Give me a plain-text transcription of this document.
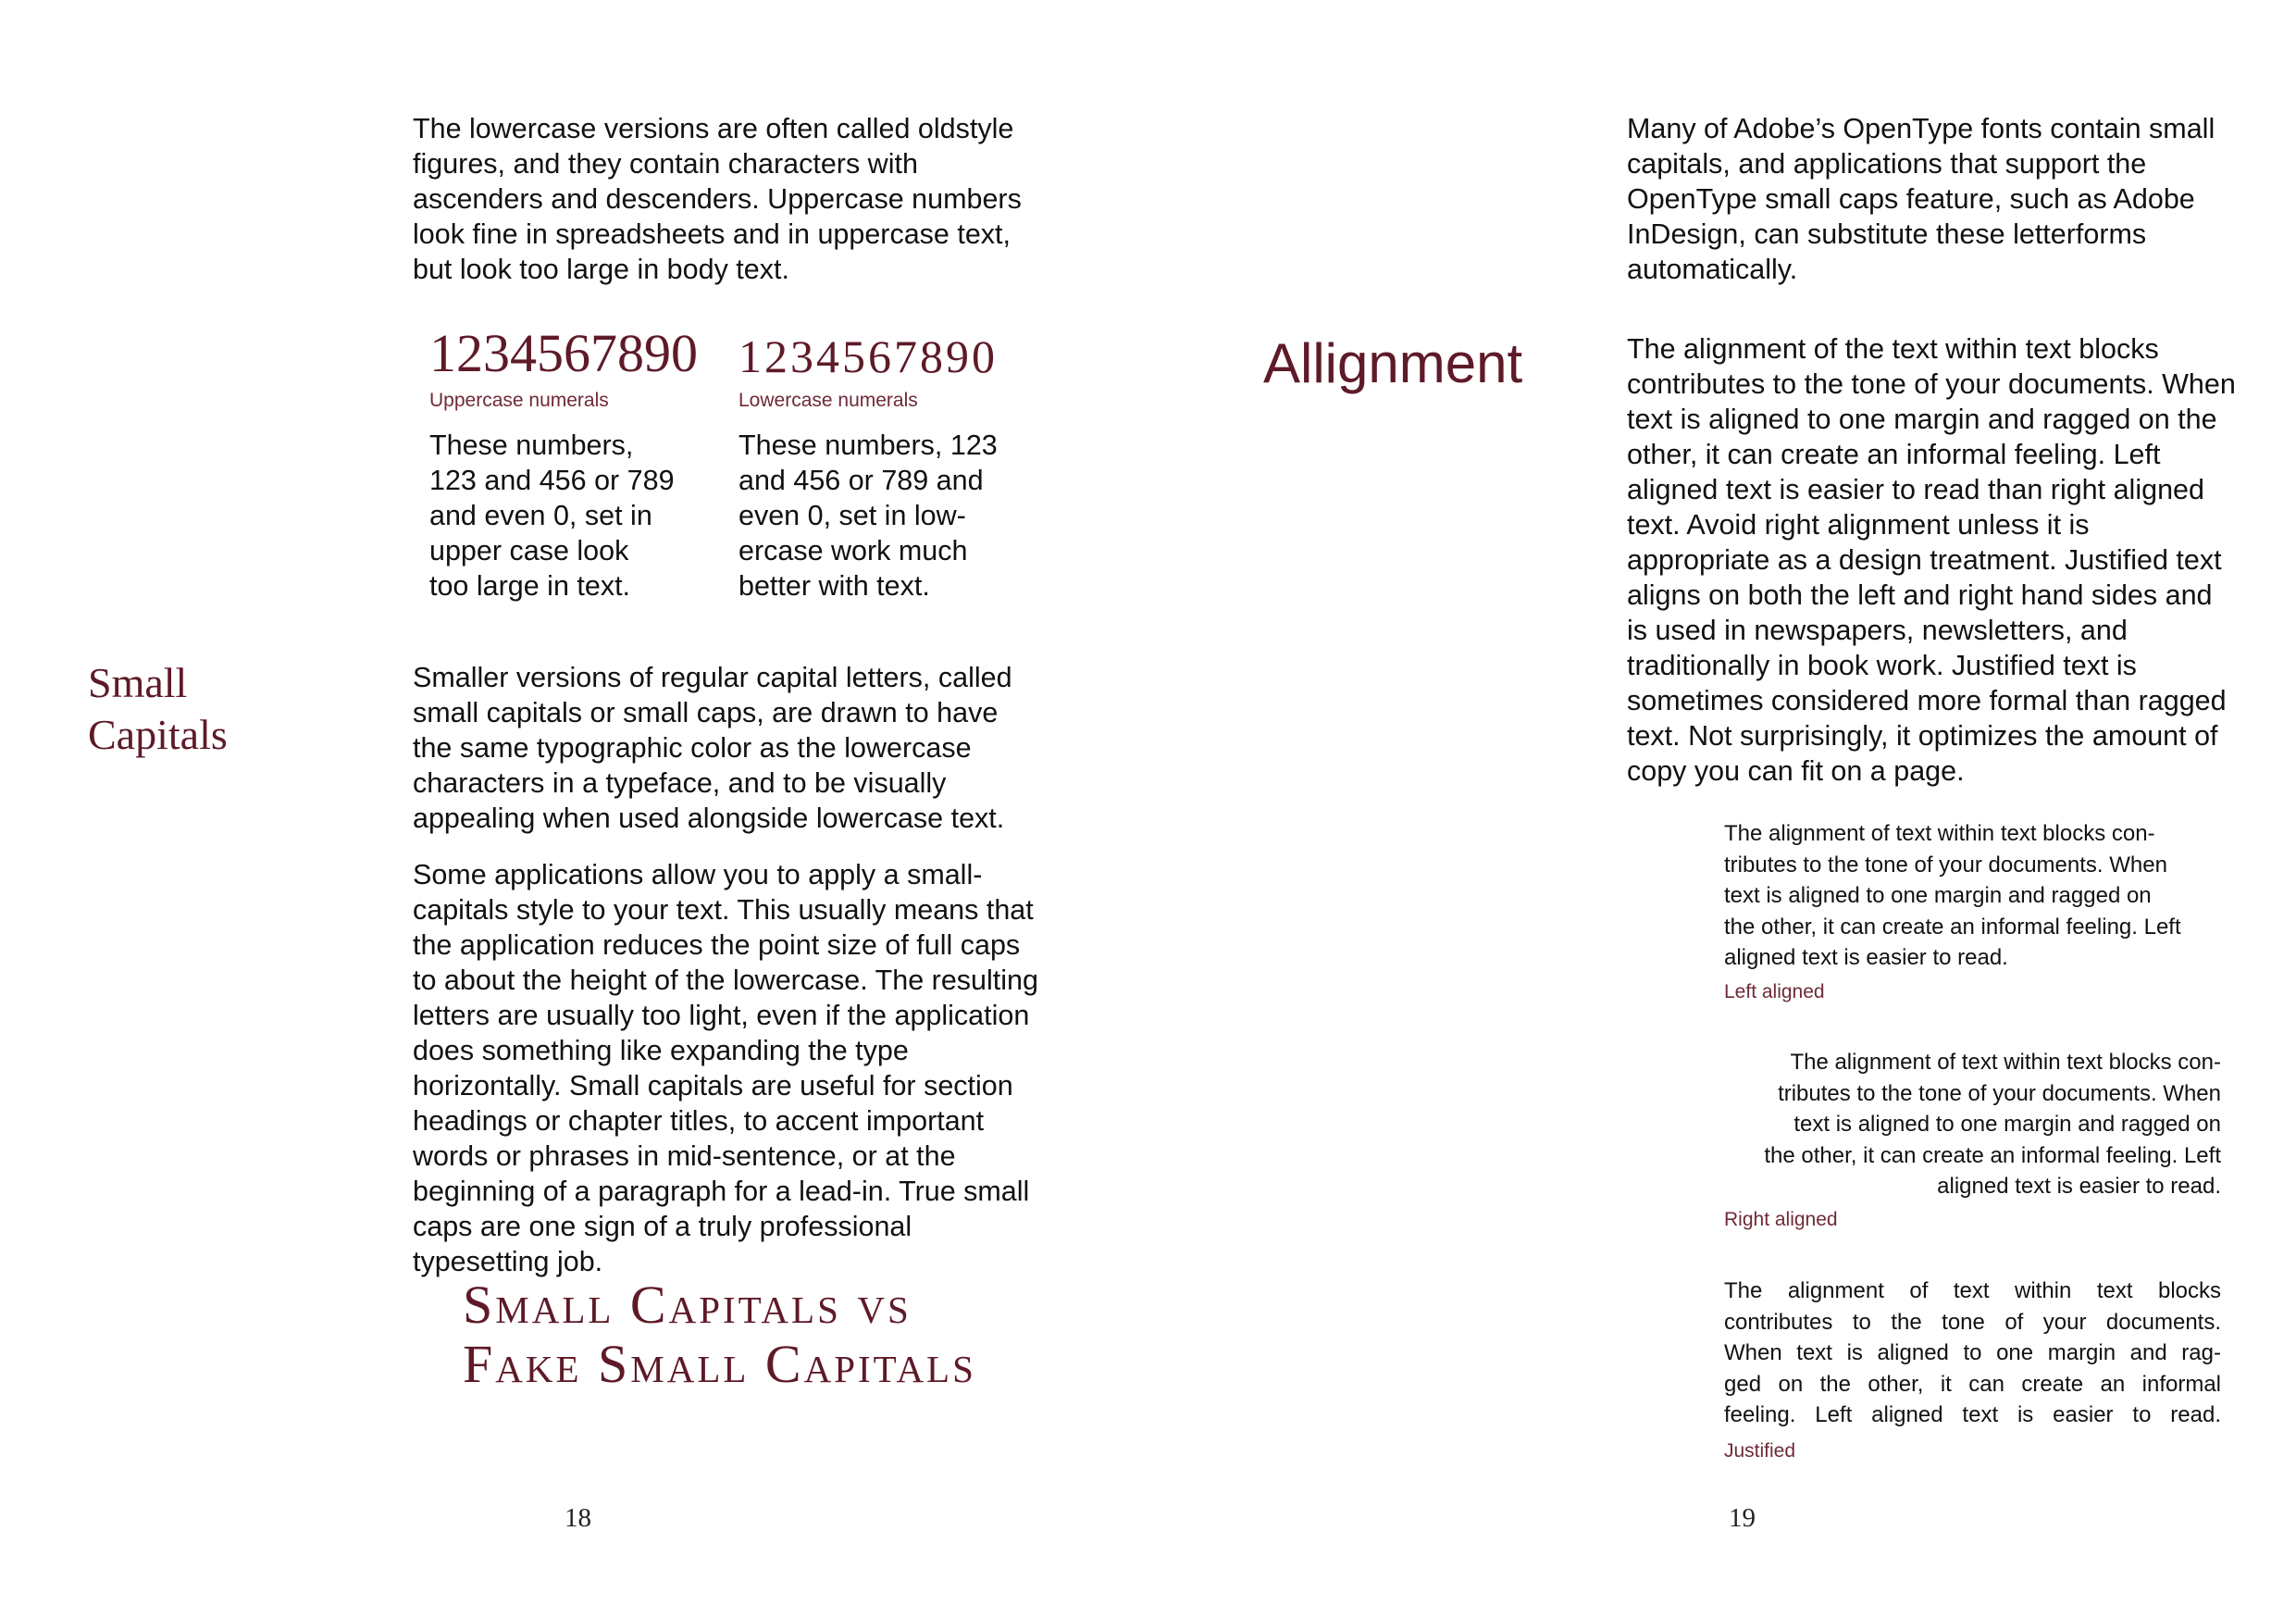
The lowercase versions are often called oldstyle figures, and they contain characters with ascenders and descenders. Uppercase numbers look fine in spreadsheets and in uppercase text, but look too large in body text.

1234567890 1234567890
Uppercase numerals	Lowercase numerals
These numbers,
123 and 456 or 789
and even 0, set in
upper case look
too large in text.
These numbers, 123
and 456 or 789 and
even 0, set in low-
ercase work much
better with text.
Small
Capitals

Smaller versions of regular capital letters, called small capitals or small caps, are drawn to have the same typographic color as the lowercase characters in a typeface, and to be visually appealing when used alongside lowercase text.

Some applications allow you to apply a small-capitals style to your text. This usually means that the application reduces the point size of full caps to about the height of the lowercase. The resulting letters are usually too light, even if the application does something like expanding the type horizontally. Small capitals are useful for section headings or chapter titles, to accent important words or phrases in mid-sentence, or at the beginning of a paragraph for a lead-in. True small caps are one sign of a truly professional typesetting job.

Small Capitals vs
Fake Small Capitals
18

Many of Adobe’s OpenType fonts contain small capitals, and applications that support the OpenType small caps feature, such as Adobe InDesign, can substitute these letterforms automatically.

Allignment	The alignment of the text within text blocks contributes to the tone of your documents. When text is aligned to one margin and ragged on the other, it can create an informal feeling. Left aligned text is easier to read than right aligned text. Avoid right alignment unless it is appropriate as a design treatment. Justified text aligns on both the left and right hand sides and is used in newspapers, newsletters, and traditionally in book work. Justified text is sometimes considered more formal than ragged text. Not surprisingly, it optimizes the amount of copy you can fit on a page.

The alignment of text within text blocks con-
tributes to the tone of your documents. When
text is aligned to one margin and ragged on
the other, it can create an informal feeling. Left
aligned text is easier to read.
Left aligned
The alignment of text within text blocks con-
tributes to the tone of your documents. When
text is aligned to one margin and ragged on
the other, it can create an informal feeling. Left
aligned text is easier to read.
Right aligned
The alignment of text within text blocks
contributes to the tone of your documents.
When text is aligned to one margin and rag-
ged on the other, it can create an informal
feeling. Left aligned text is easier to read.
Justified
19
